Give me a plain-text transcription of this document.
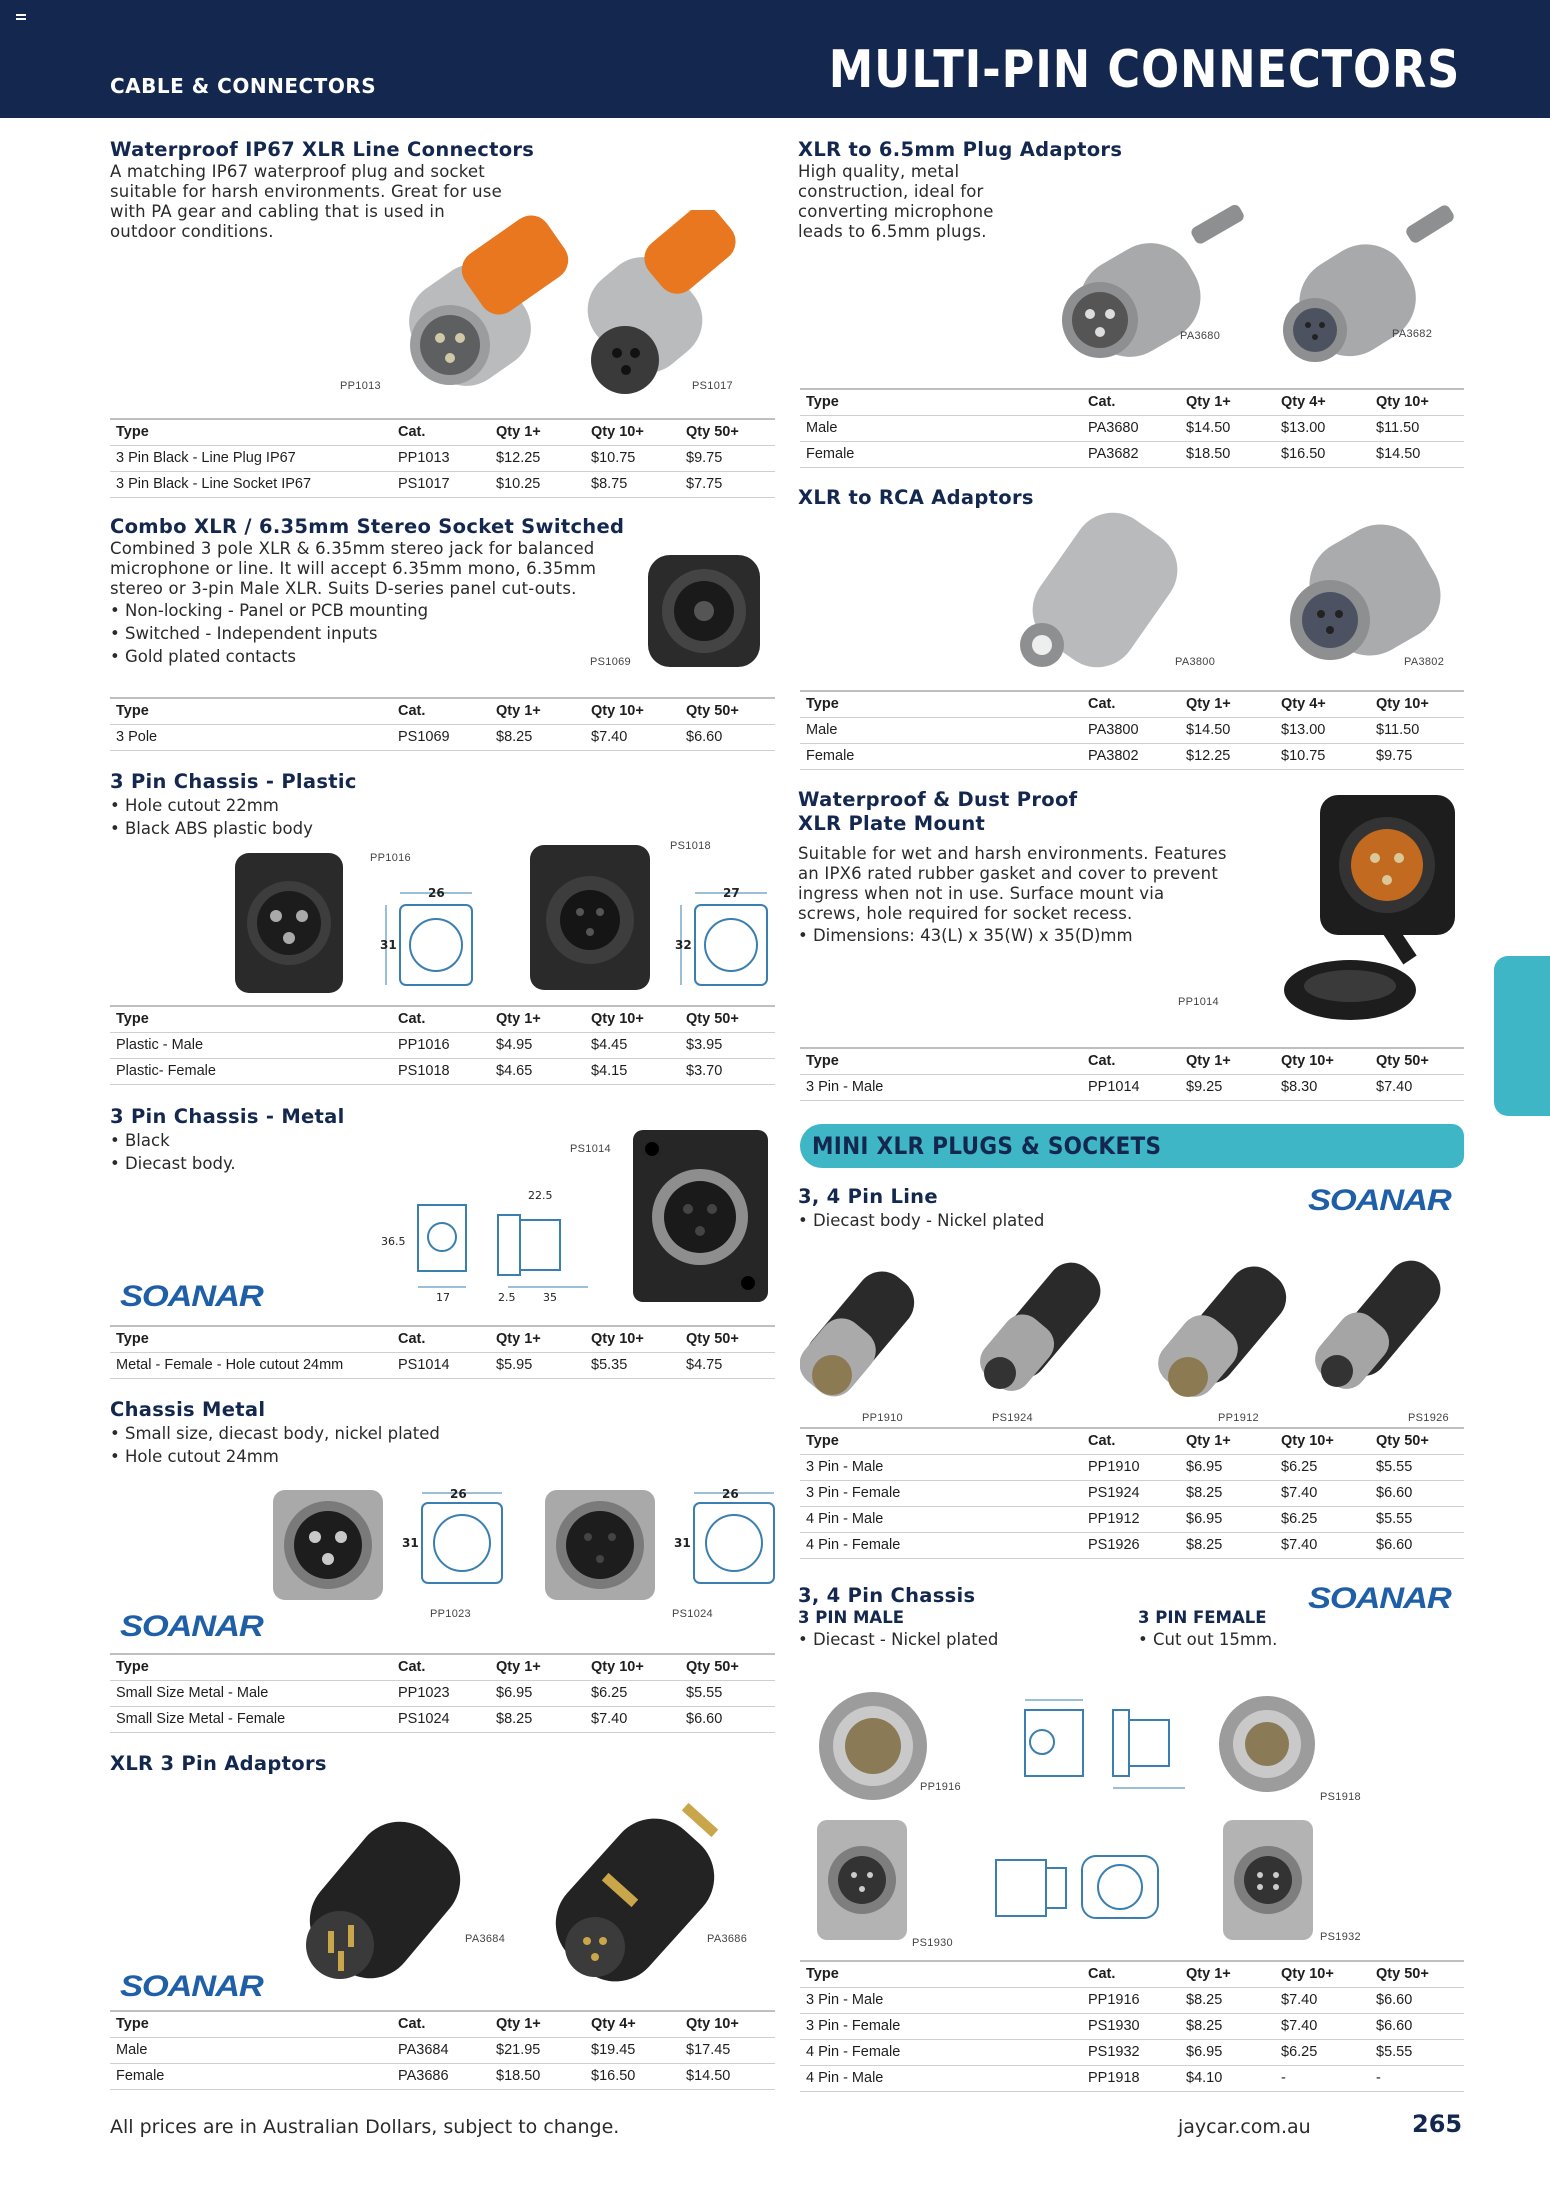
CABLE & CONNECTORS	MULTI-PIN CONNECTORS
Waterproof IP67 XLR Line Connectors
A matching IP67 waterproof plug and socket
suitable for harsh environments. Great for use
with PA gear and cabling that is used in
outdoor conditions.
PP1013	PS1017
Type	Cat.	Qty 1+	Qty 10+	Qty 50+
3 Pin Black - Line Plug IP67	PP1013	$12.25	$10.75	$9.75
3 Pin Black - Line Socket IP67	PS1017	$10.25	$8.75	$7.75
Combo XLR / 6.35mm Stereo Socket Switched
Combined 3 pole XLR & 6.35mm stereo jack for balanced
microphone or line. It will accept 6.35mm mono, 6.35mm
stereo or 3-pin Male XLR. Suits D-series panel cut-outs.
• Non-locking - Panel or PCB mounting
• Switched - Independent inputs
• Gold plated contacts	PS1069
Type	Cat.	Qty 1+	Qty 10+	Qty 50+
3 Pole	PS1069	$8.25	$7.40	$6.60
3 Pin Chassis - Plastic
• Hole cutout 22mm
• Black ABS plastic body
26
31
27
32
PP1016
PS1018
Type	Cat.	Qty 1+	Qty 10+	Qty 50+
Plastic - Male	PP1016	$4.95	$4.45	$3.95
Plastic- Female	PS1018	$4.65	$4.15	$3.70
3 Pin Chassis - Metal
• Black
• Diecast body.
PS1014
36.5
17
22.5
2.5	35
SOANAR
Type	Cat.	Qty 1+	Qty 10+	Qty 50+
Metal - Female - Hole cutout 24mm	PS1014	$5.95	$5.35	$4.75
Chassis Metal
• Small size, diecast body, nickel plated
• Hole cutout 24mm
26
31
26
31
PP1023	PS1024
SOANAR
Type	Cat.	Qty 1+	Qty 10+	Qty 50+
Small Size Metal - Male	PP1023	$6.95	$6.25	$5.55
Small Size Metal - Female	PS1024	$8.25	$7.40	$6.60
XLR 3 Pin Adaptors
PA3684	PA3686
SOANAR
Type	Cat.	Qty 1+	Qty 4+	Qty 10+
Male	PA3684	$21.95	$19.45	$17.45
Female	PA3686	$18.50	$16.50	$14.50
XLR to 6.5mm Plug Adaptors
High quality, metal
construction, ideal for
converting microphone
leads to 6.5mm plugs.
PA3680	PA3682
Type	Cat.	Qty 1+	Qty 4+	Qty 10+
Male	PA3680	$14.50	$13.00	$11.50
Female	PA3682	$18.50	$16.50	$14.50
XLR to RCA Adaptors
PA3800	PA3802
Type	Cat.	Qty 1+	Qty 4+	Qty 10+
Male	PA3800	$14.50	$13.00	$11.50
Female	PA3802	$12.25	$10.75	$9.75
Waterproof & Dust Proof
XLR Plate Mount
Suitable for wet and harsh environments. Features
an IPX6 rated rubber gasket and cover to prevent
ingress when not in use. Surface mount via
screws, hole required for socket recess.
• Dimensions: 43(L) x 35(W) x 35(D)mm
PP1014
Type	Cat.	Qty 1+	Qty 10+	Qty 50+
3 Pin - Male	PP1014	$9.25	$8.30	$7.40
MINI XLR PLUGS & SOCKETS
3, 4 Pin Line
• Diecast body - Nickel plated
SOANAR
PP1910	PS1924	PP1912	PS1926
Type	Cat.	Qty 1+	Qty 10+	Qty 50+
3 Pin - Male	PP1910	$6.95	$6.25	$5.55
3 Pin - Female	PS1924	$8.25	$7.40	$6.60
4 Pin - Male	PP1912	$6.95	$6.25	$5.55
4 Pin - Female	PS1926	$8.25	$7.40	$6.60
3, 4 Pin Chassis
3 PIN MALE
• Diecast - Nickel plated
3 PIN FEMALE
• Cut out 15mm.
SOANAR
PP1916
PS1918
PS1930	PS1932
Type	Cat.	Qty 1+	Qty 10+	Qty 50+
3 Pin - Male	PP1916	$8.25	$7.40	$6.60
3 Pin - Female	PS1930	$8.25	$7.40	$6.60
4 Pin - Female	PS1932	$6.95	$6.25	$5.55
4 Pin - Male	PP1918	$4.10	-	-
All prices are in Australian Dollars, subject to change.	jaycar.com.au	265
